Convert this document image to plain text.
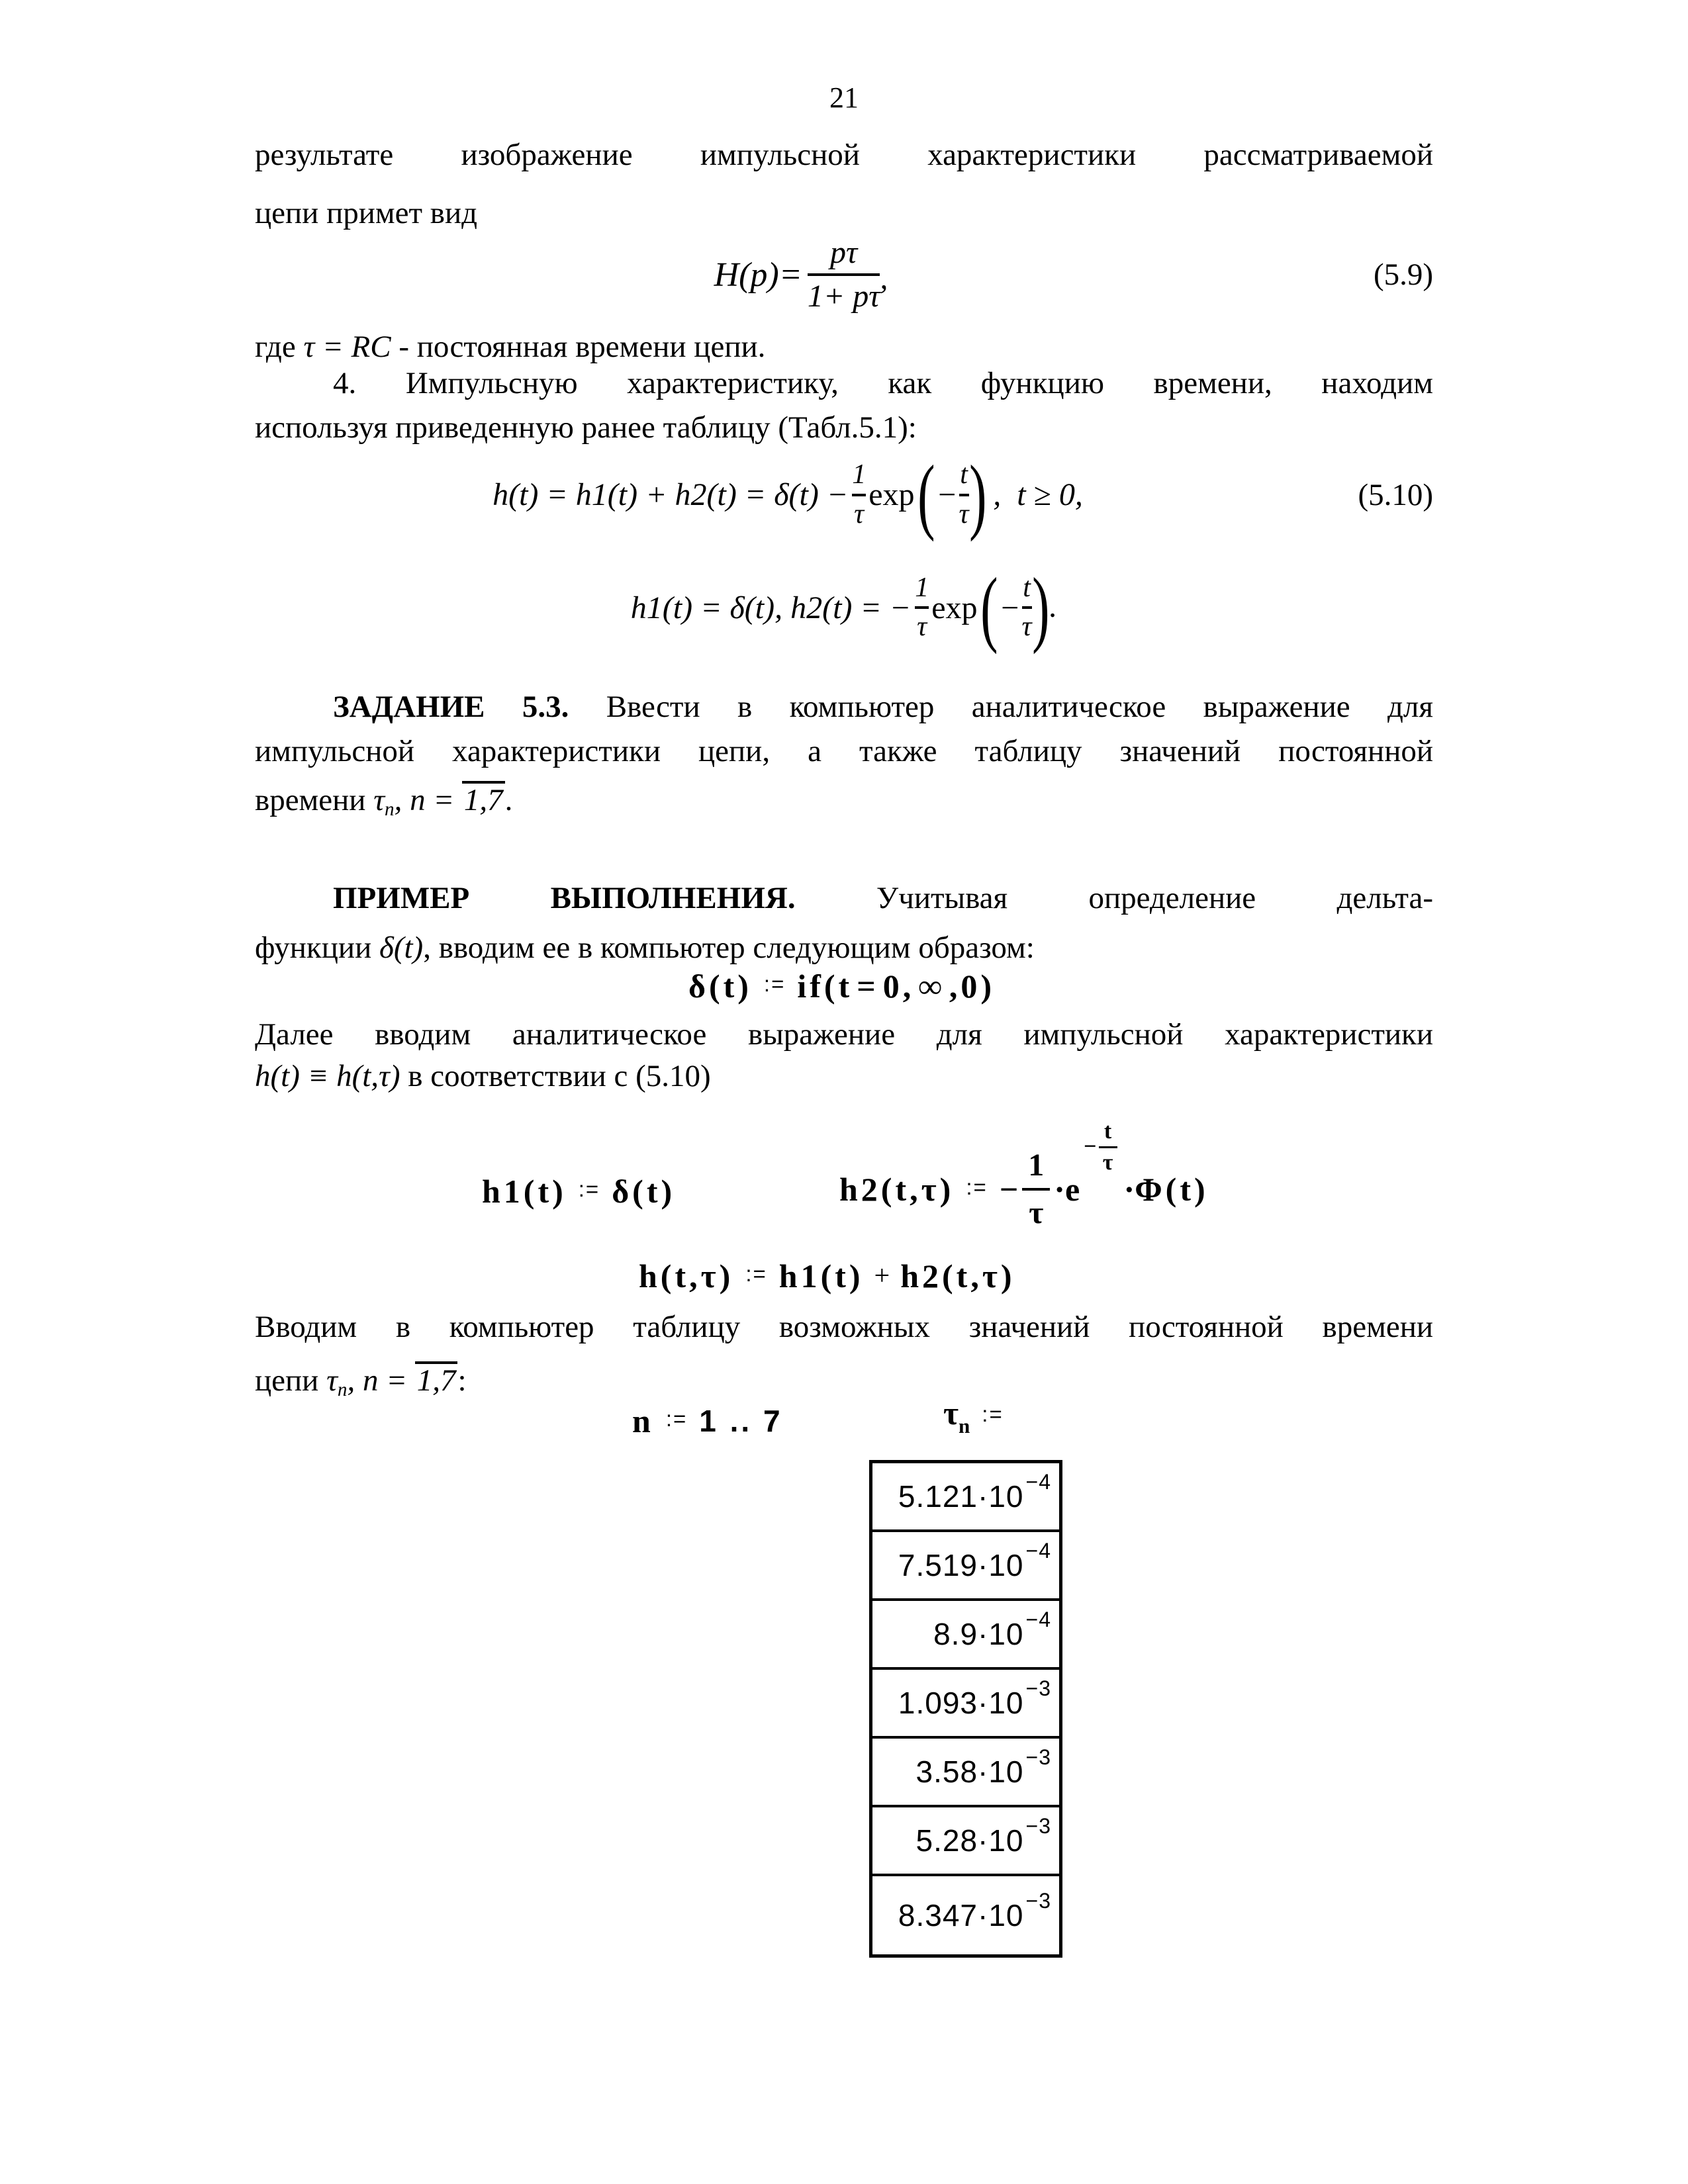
21
результате изображение импульсной характеристики рассматриваемой
цепи примет вид
$H(p)= \frac{p\tau}{1+ p\tau}$ ,	(5.9)
где τ = RC - постоянная времени цепи.
4. Импульсную характеристику, как функцию времени, находим
используя приведенную ранее таблицу (Табл.5.1):
$h(t) = h1(t) + h2(t) = \delta(t) - \frac{1}{\tau}$ exp ( − $\frac{t}{\tau}$ ) ,  t ≥ 0,	(5.10)
h1(t) = δ(t), h2(t) = − $\frac{1}{\tau}$ exp ( − $\frac{t}{\tau}$ ) .
ЗАДАНИЕ 5.3. Ввести в компьютер аналитическое выражение для
импульсной характеристики цепи, а также таблицу значений постоянной
времени τn, n = 1,7.
ПРИМЕР ВЫПОЛНЕНИЯ. Учитывая определение дельта-
функции δ(t), вводим ее в компьютер следующим образом:
δ(t) := if(t = 0, ∞ ,0)
Далее вводим аналитическое выражение для импульсной характеристики
h(t) ≡ h(t,τ) в соответствии с (5.10)
h1(t) := δ(t)	h2(t,τ) := −
1
τ
· e
−
t
τ
· Φ(t)
h(t,τ) := h1(t) + h2(t,τ)
Вводим в компьютер таблицу возможных значений постоянной времени
цепи τn, n = 1,7:
n := 1 .. 7	$\tau_n$ :=
$5.121 \cdot 10^{-4}$
$7.519 \cdot 10^{-4}$
$8.9 \cdot 10^{-4}$
$1.093 \cdot 10^{-3}$
$3.58 \cdot 10^{-3}$
$5.28 \cdot 10^{-3}$
$8.347 \cdot 10^{-3}$
